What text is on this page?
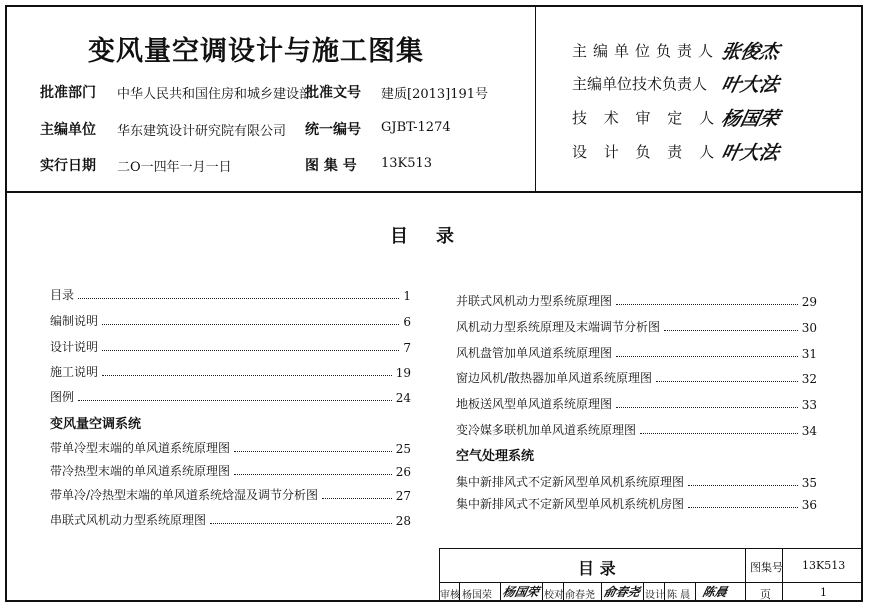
变风量空调设计与施工图集
批准部门 中华人民共和国住房和城乡建设部
批准文号 建质[2013]191号
主编单位 华东建筑设计研究院有限公司 统一编号 GJBT-1274
实行日期 二O一四年一月一日	图 集 号 13K513
主编单位负责人 张俊杰
主编单位技术负责人 叶大法
技 术 审 定 人 杨国荣
设 计 负 责 人 叶大法
目录
目录	1
编制说明	6
设计说明	7
施工说明	19
图例	24
变风量空调系统
带单冷型末端的单风道系统原理图	25
带冷热型末端的单风道系统原理图	26
带单冷/冷热型末端的单风道系统焓湿及调节分析图	27
串联式风机动力型系统原理图	28
并联式风机动力型系统原理图	29
风机动力型系统原理及末端调节分析图	30
风机盘管加单风道系统原理图	31
窗边风机/散热器加单风道系统原理图	32
地板送风型单风道系统原理图	33
变冷媒多联机加单风道系统原理图	34
空气处理系统
集中新排风式不定新风型单风机系统原理图	35
集中新排风式不定新风型单风机系统机房图	36
目 录	图集号 13K513
审核 杨国荣 杨国荣 校对 俞春尧 俞春尧 设计 陈 晨 陈晨	页	1
